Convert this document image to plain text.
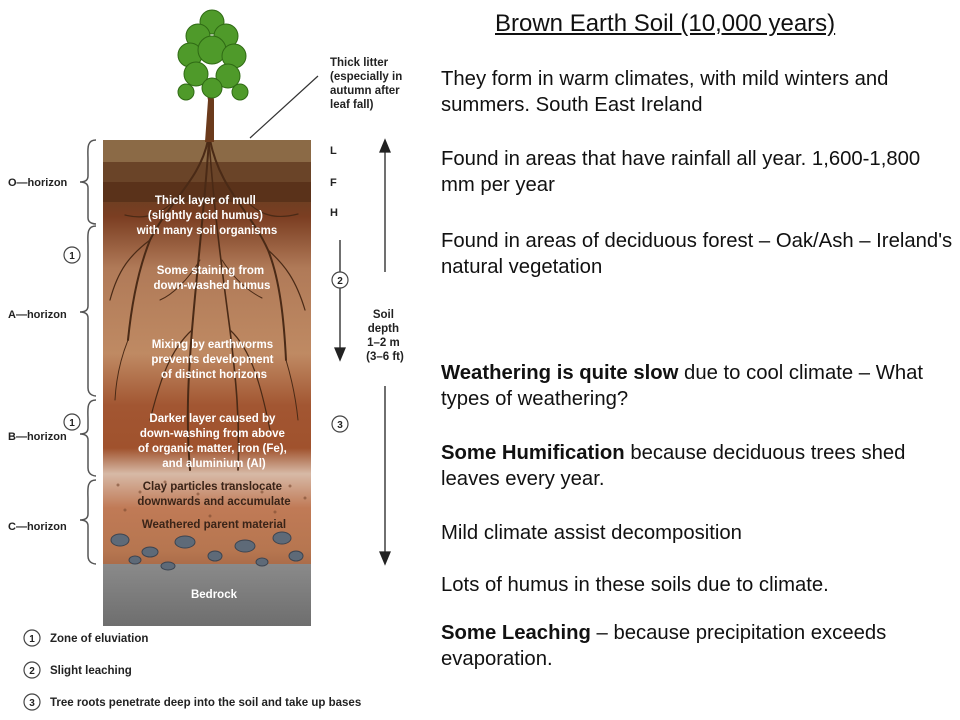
Thick litter (especially in autumn after leaf fall)
L F H
O—horizon A—horizon B—horizon C—horizon
1
1
Thick layer of mull (slightly acid humus) with many soil organisms
Some staining from down-washed humus
Mixing by earthworms prevents development of distinct horizons
Darker layer caused by down-washing from above of organic matter, iron (Fe), and aluminium (Al)
Clay particles translocate downwards and accumulate
Weathered parent material
Bedrock
Soil depth 1–2 m (3–6 ft)
2
3
1 Zone of eluviation
2 Slight leaching
3 Tree roots penetrate deep into the soil and take up bases
Brown Earth Soil (10,000 years)

They form in warm climates, with mild winters and summers. South East Ireland

Found in areas that have rainfall all year. 1,600-1,800 mm per year

Found in areas of deciduous forest – Oak/Ash – Ireland's natural vegetation

Weathering is quite slow due to cool climate – What types of weathering?

Some Humification because deciduous trees shed leaves every year.

Mild climate assist decomposition

Lots of humus in these soils due to climate.

Some Leaching – because precipitation exceeds evaporation.
